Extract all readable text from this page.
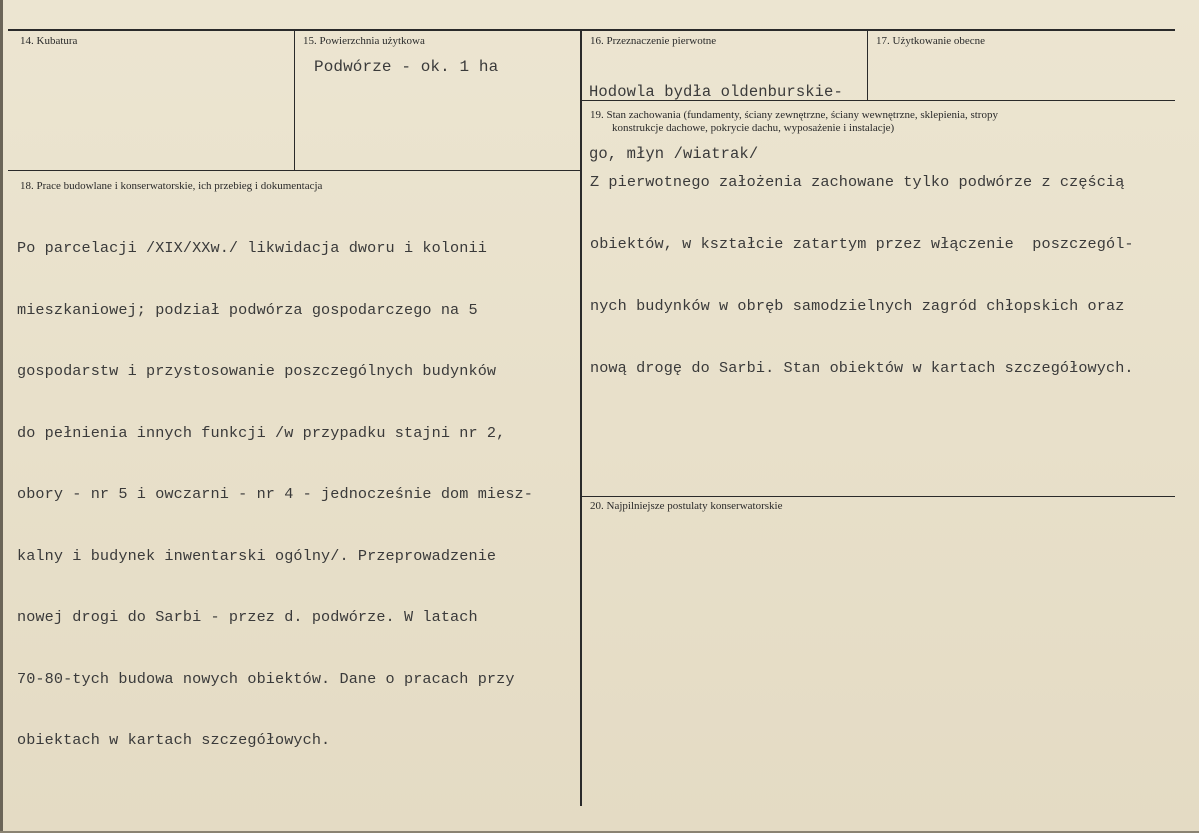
14. Kubatura	15. Powierzchnia użytkowa
Podwórze - ok. 1 ha
16. Przeznaczenie pierwotne

Hodowla bydła oldenburskie-

go, młyn /wiatrak/

17. Użytkowanie obecne
18. Prace budowlane i konserwatorskie, ich przebieg i dokumentacja

Po parcelacji /XIX/XXw./ likwidacja dworu i kolonii

mieszkaniowej; podział podwórza gospodarczego na 5

gospodarstw i przystosowanie poszczególnych budynków

do pełnienia innych funkcji /w przypadku stajni nr 2,

obory - nr 5 i owczarni - nr 4 - jednocześnie dom miesz-

kalny i budynek inwentarski ogólny/. Przeprowadzenie

nowej drogi do Sarbi - przez d. podwórze. W latach

70-80-tych budowa nowych obiektów. Dane o pracach przy

obiektach w kartach szczegółowych.

19. Stan zachowania (fundamenty, ściany zewnętrzne, ściany wewnętrzne, sklepienia, stropy
konstrukcje dachowe, pokrycie dachu, wyposażenie i instalacje)

Z pierwotnego założenia zachowane tylko podwórze z częścią

obiektów, w kształcie zatartym przez włączenie  poszczegól-

nych budynków w obręb samodzielnych zagród chłopskich oraz

nową drogę do Sarbi. Stan obiektów w kartach szczegółowych.

20. Najpilniejsze postulaty konserwatorskie
